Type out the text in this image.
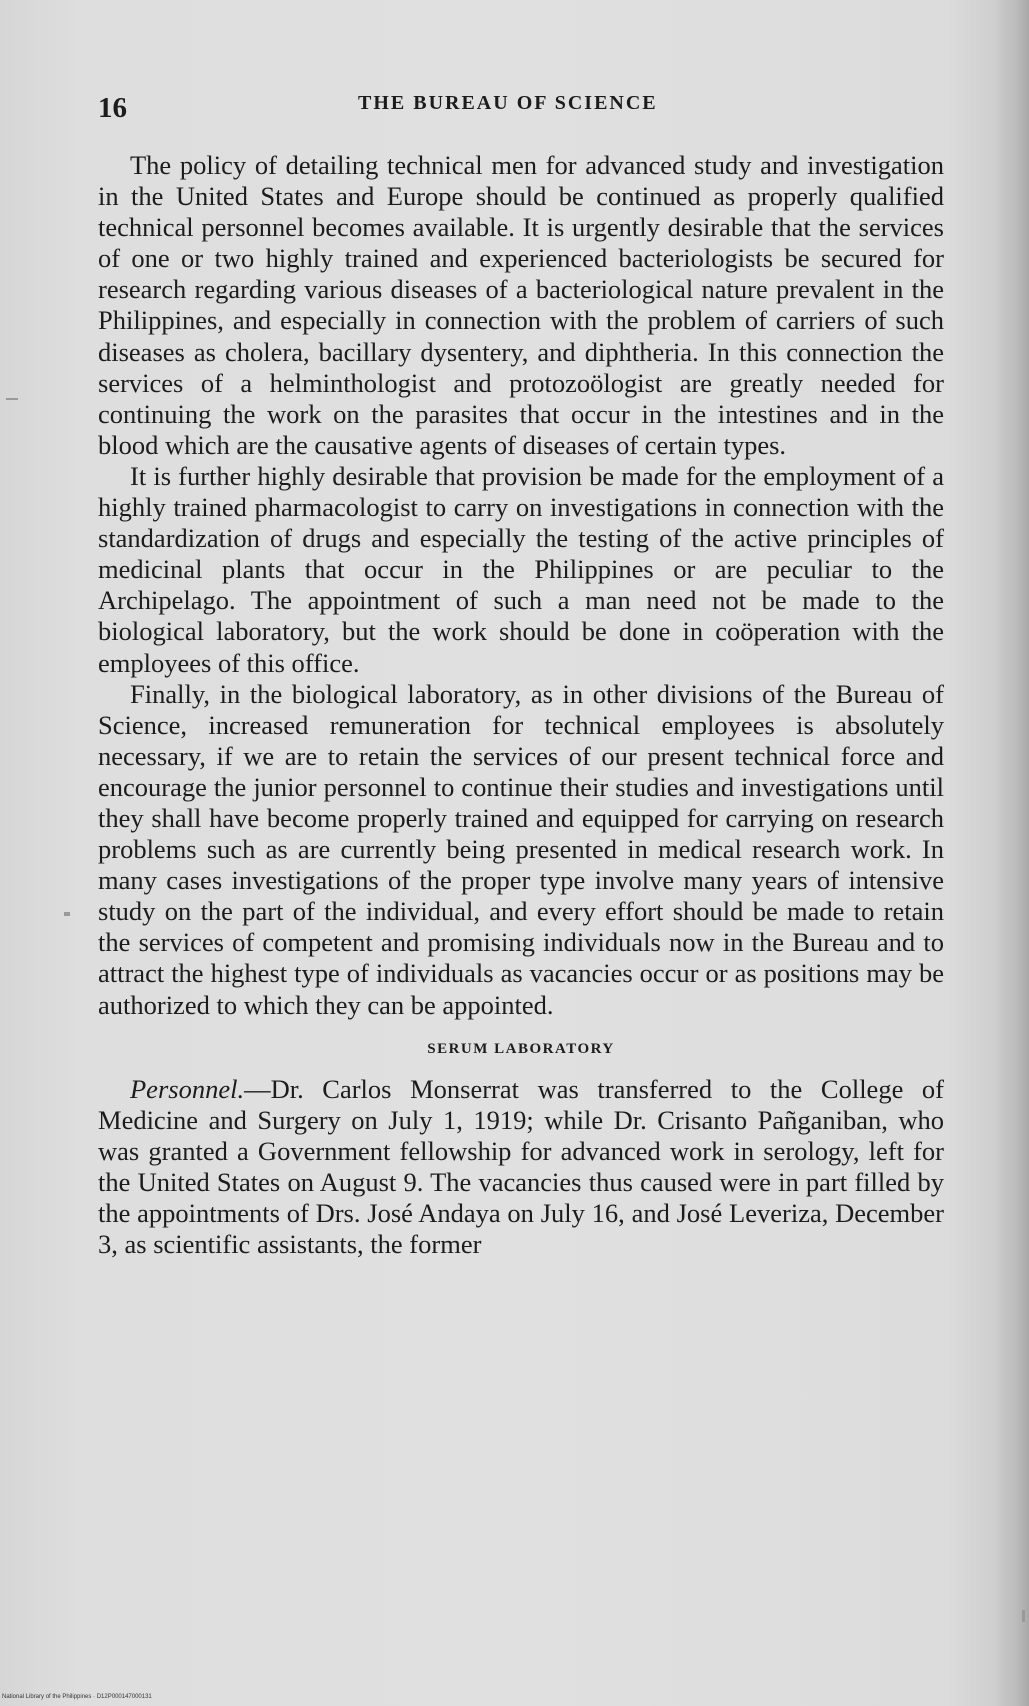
16	THE BUREAU OF SCIENCE

The policy of detailing technical men for advanced study and investigation in the United States and Europe should be continued as properly qualified technical personnel becomes available. It is urgently desirable that the services of one or two highly trained and experienced bacteriologists be secured for research regarding various diseases of a bacteriological nature prevalent in the Philippines, and especially in connection with the problem of carriers of such diseases as cholera, bacillary dysentery, and diphtheria. In this connection the services of a helminthologist and protozoölogist are greatly needed for continuing the work on the parasites that occur in the intestines and in the blood which are the causative agents of diseases of certain types.

It is further highly desirable that provision be made for the employment of a highly trained pharmacologist to carry on investigations in connection with the standardization of drugs and especially the testing of the active principles of medicinal plants that occur in the Philippines or are peculiar to the Archipelago. The appointment of such a man need not be made to the biological laboratory, but the work should be done in coöperation with the employees of this office.

Finally, in the biological laboratory, as in other divisions of the Bureau of Science, increased remuneration for technical employees is absolutely necessary, if we are to retain the services of our present technical force and encourage the junior personnel to continue their studies and investigations until they shall have become properly trained and equipped for carrying on research problems such as are currently being presented in medical research work. In many cases investigations of the proper type involve many years of intensive study on the part of the individual, and every effort should be made to retain the services of competent and promising individuals now in the Bureau and to attract the highest type of individuals as vacancies occur or as positions may be authorized to which they can be appointed.

SERUM LABORATORY

Personnel.—Dr. Carlos Monserrat was transferred to the College of Medicine and Surgery on July 1, 1919; while Dr. Crisanto Pañganiban, who was granted a Government fellowship for advanced work in serology, left for the United States on August 9. The vacancies thus caused were in part filled by the appointments of Drs. José Andaya on July 16, and José Leveriza, December 3, as scientific assistants, the former

National Library of the Philippines · D12P000147000131
